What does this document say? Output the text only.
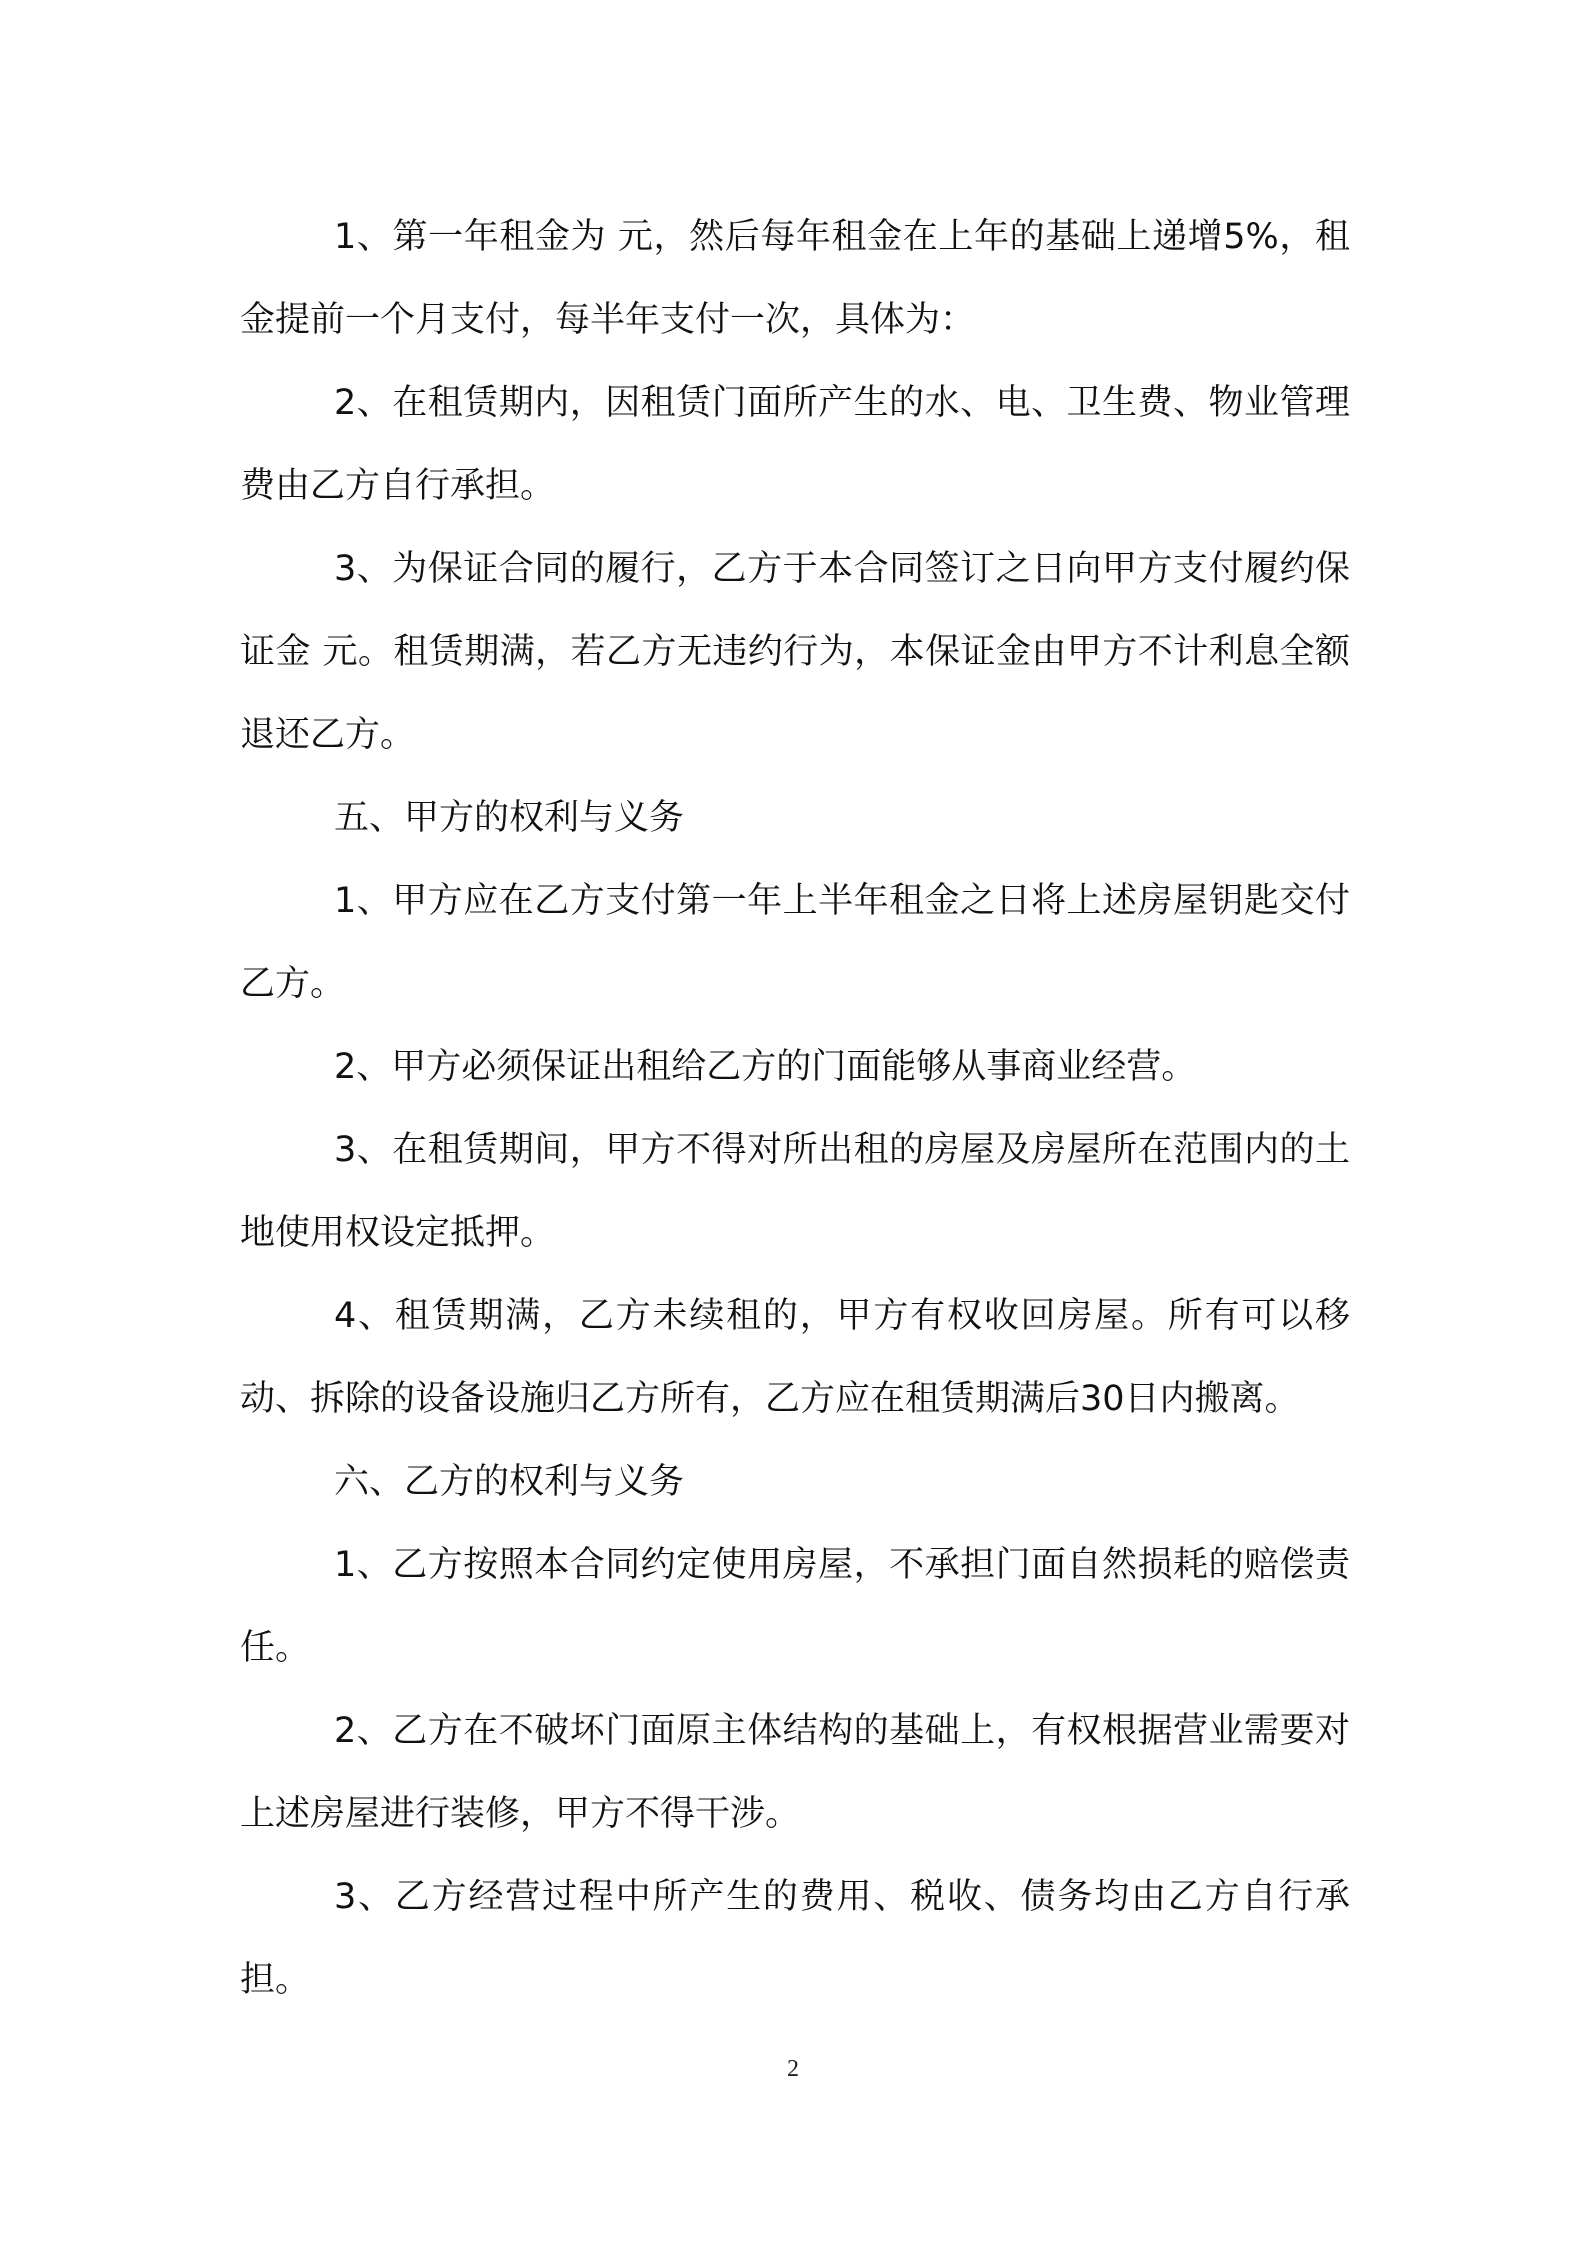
1、第一年租金为 元，然后每年租金在上年的基础上递增5%，租金提前一个月支付，每半年支付一次，具体为：

2、在租赁期内，因租赁门面所产生的水、电、卫生费、物业管理费由乙方自行承担。

3、为保证合同的履行，乙方于本合同签订之日向甲方支付履约保证金 元。租赁期满，若乙方无违约行为，本保证金由甲方不计利息全额退还乙方。

五、甲方的权利与义务

1、甲方应在乙方支付第一年上半年租金之日将上述房屋钥匙交付乙方。

2、甲方必须保证出租给乙方的门面能够从事商业经营。

3、在租赁期间，甲方不得对所出租的房屋及房屋所在范围内的土地使用权设定抵押。

4、租赁期满，乙方未续租的，甲方有权收回房屋。所有可以移动、拆除的设备设施归乙方所有，乙方应在租赁期满后30日内搬离。

六、乙方的权利与义务

1、乙方按照本合同约定使用房屋，不承担门面自然损耗的赔偿责任。

2、乙方在不破坏门面原主体结构的基础上，有权根据营业需要对上述房屋进行装修，甲方不得干涉。

3、乙方经营过程中所产生的费用、税收、债务均由乙方自行承担。

2
